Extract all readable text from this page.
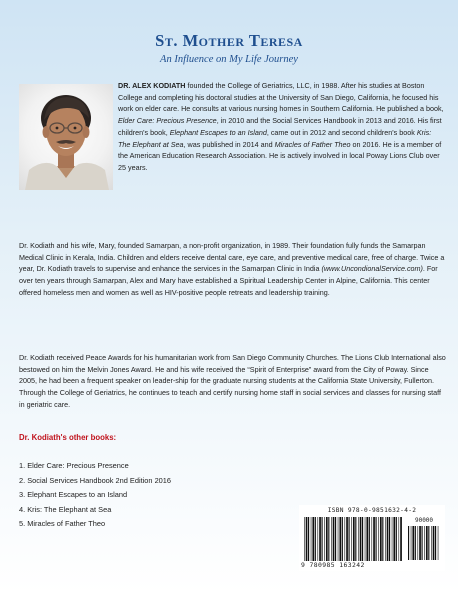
St. Mother Teresa
An Influence on My Life Journey

DR. ALEX KODIATH founded the College of Geriatrics, LLC, in 1988. After his studies at Boston College and completing his doctoral studies at the University of San Diego, California, he focused his work on elder care. He consults at various nursing homes in Southern California. He published a book, Elder Care: Precious Presence, in 2010 and the Social Services Handbook in 2013 and 2016. His first children's book, Elephant Escapes to an Island, came out in 2012 and second children's book Kris: The Elephant at Sea, was published in 2014 and Miracles of Father Theo on 2016. He is a member of the American Education Research Association. He is actively involved in local Poway Lions Club over 25 years.

Dr. Kodiath and his wife, Mary, founded Samarpan, a non-profit organization, in 1989. Their foundation fully funds the Samarpan Medical Clinic in Kerala, India. Children and elders receive dental care, eye care, and preventive medical care, free of charge. Twice a year, Dr. Kodiath travels to supervise and enhance the services in the Samarpan Clinic in India (www.UncondionalService.com). For over ten years through Samarpan, Alex and Mary have established a Spiritual Leadership Center in Alpine, California. This center offered homeless men and women as well as HIV-positive people retreats and leadership training.

Dr. Kodiath received Peace Awards for his humanitarian work from San Diego Community Churches. The Lions Club International also bestowed on him the Melvin Jones Award. He and his wife received the “Spirit of Enterprise” award from the City of Poway. Since 2005, he had been a frequent speaker on leader-ship for the graduate nursing students at the California State University, Fullerton. Through the College of Geriatrics, he continues to teach and certify nursing home staff in social services and classes for nursing staff in geriatric care.

Dr. Kodiath's other books:
1. Elder Care: Precious Presence
2. Social Services Handbook 2nd Edition 2016
3. Elephant Escapes to an Island
4. Kris: The Elephant at Sea
5. Miracles of Father Theo
ISBN 978-0-9851632-4-2
90000
9 780985 163242
